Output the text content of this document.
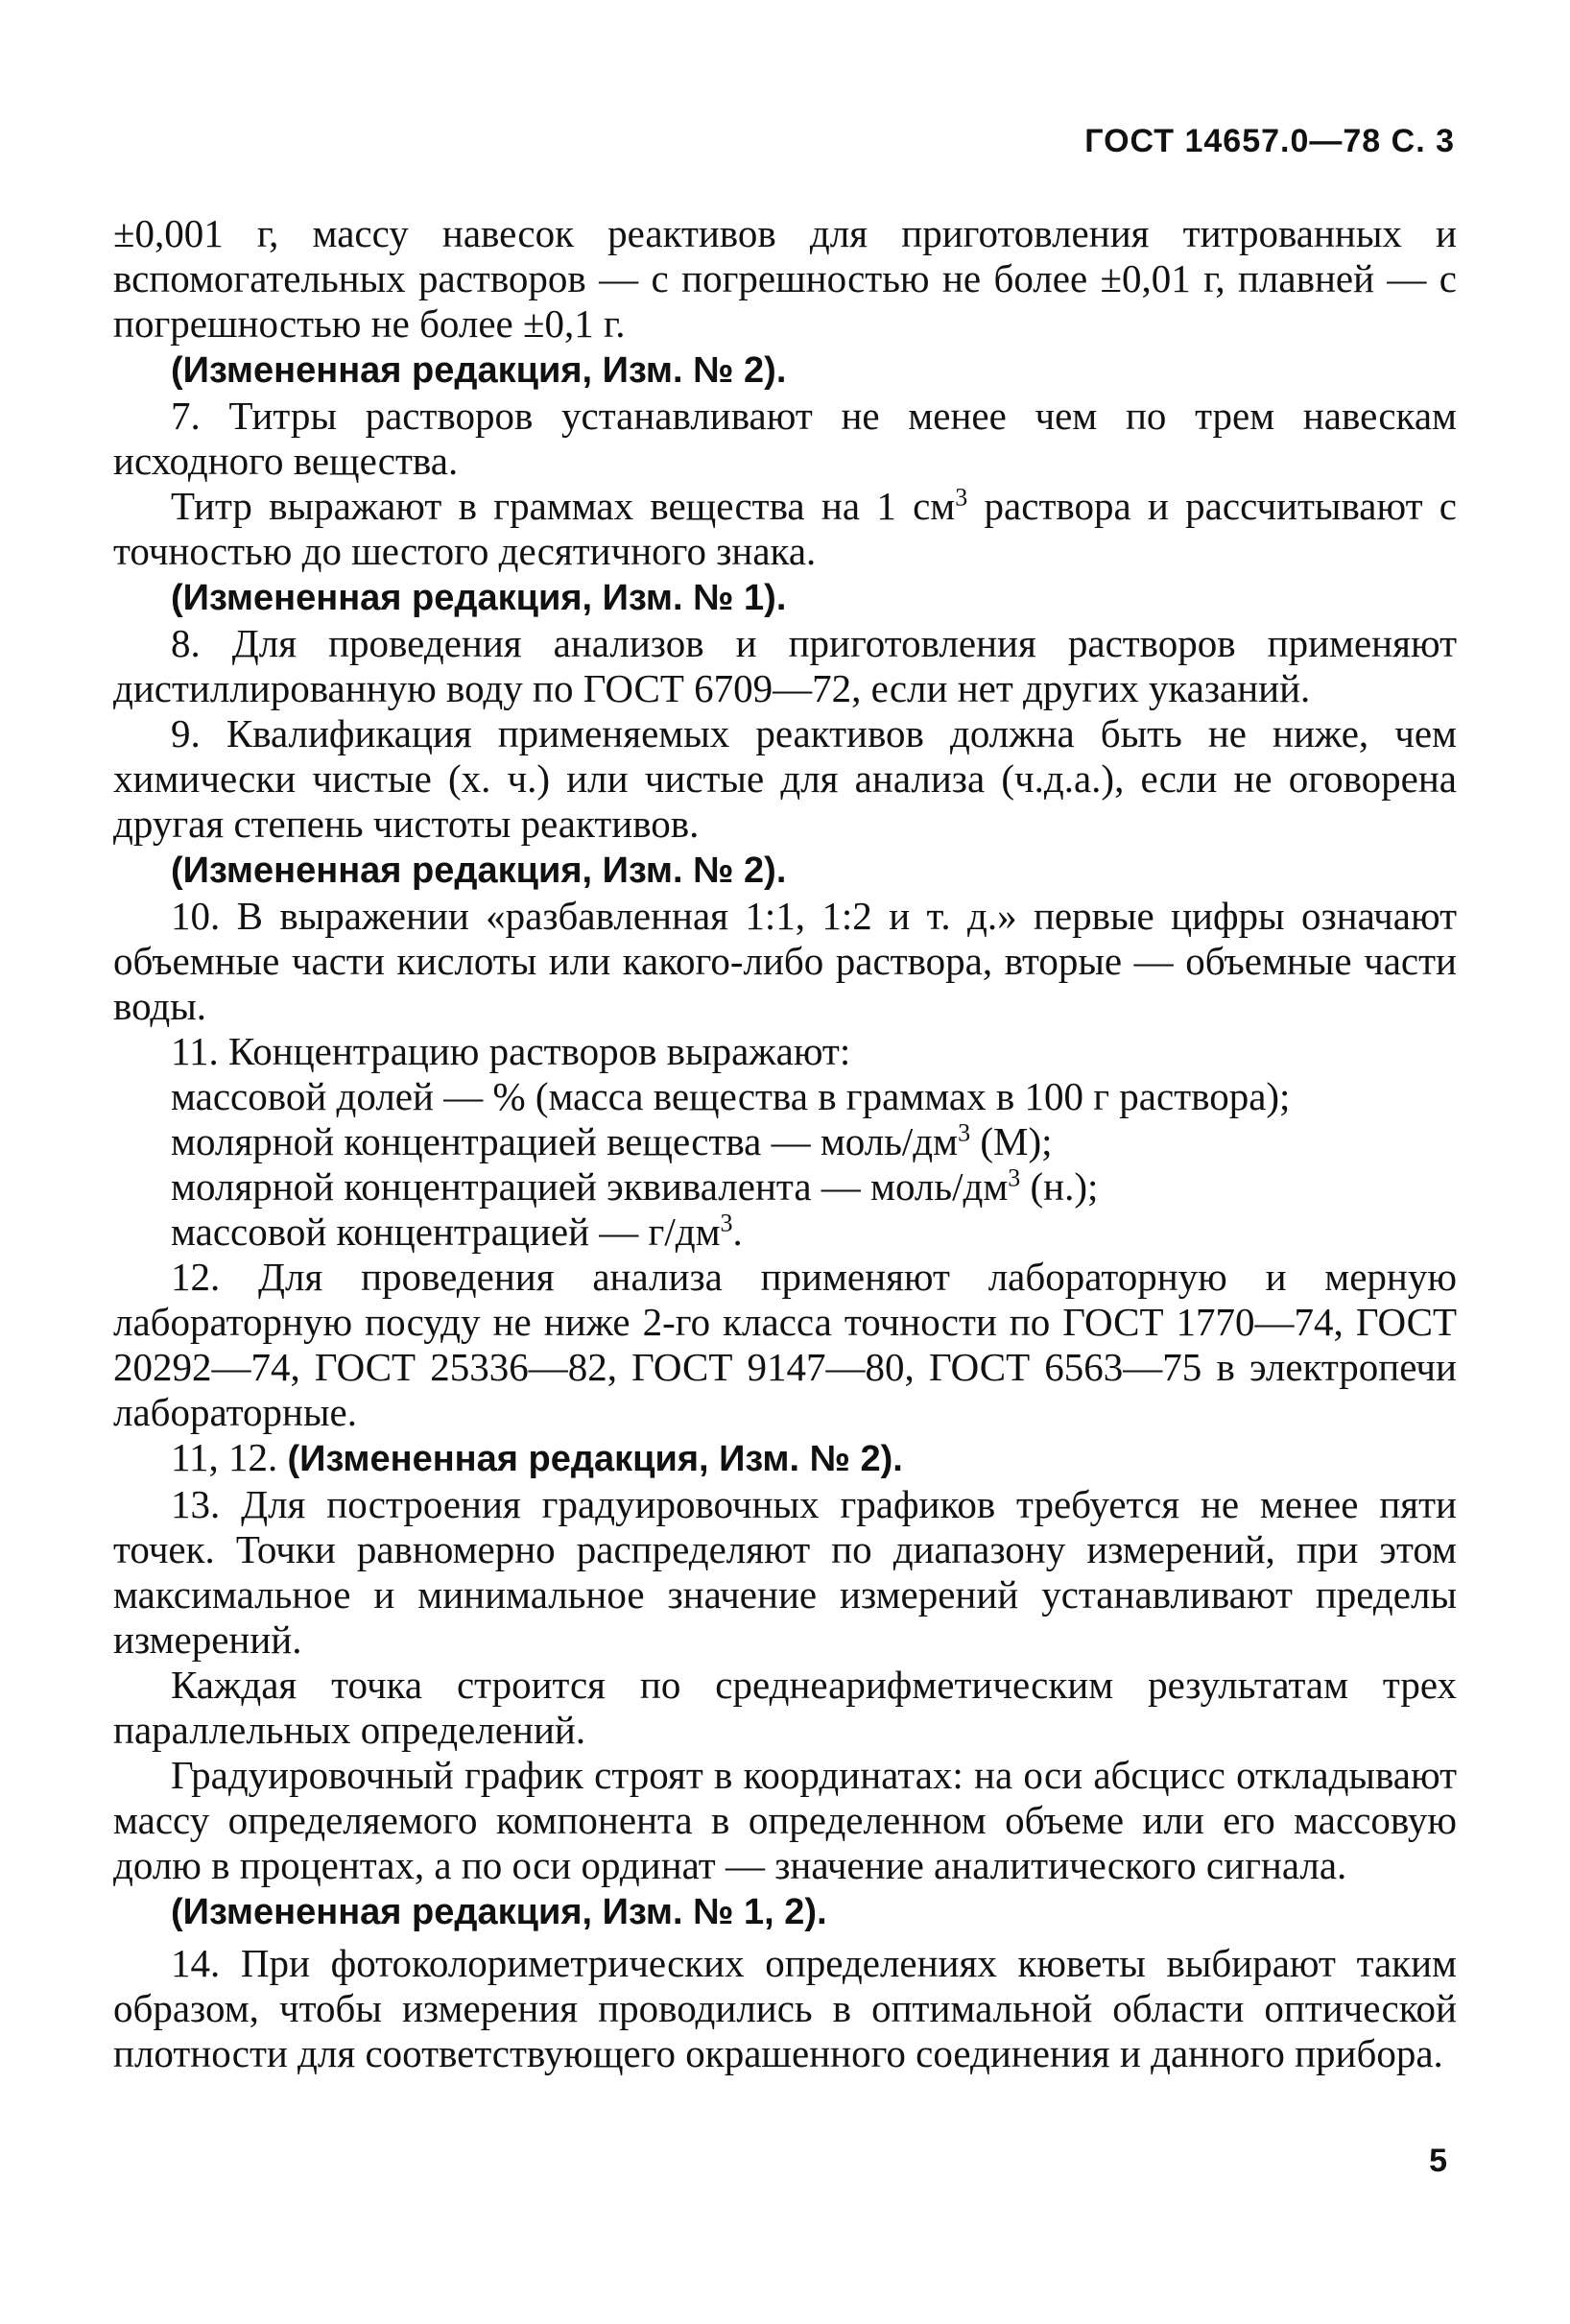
ГОСТ 14657.0—78 С. 3

±0,001 г, массу навесок реактивов для приготовления титрованных и вспомогательных растворов — с погрешностью не более ±0,01 г, плавней — с погрешностью не более ±0,1 г.

(Измененная редакция, Изм. № 2).

7. Титры растворов устанавливают не менее чем по трем навескам исходного вещества.

Титр выражают в граммах вещества на 1 $см^3$ раствора и рассчитывают с точностью до шестого десятичного знака.

(Измененная редакция, Изм. № 1).

8. Для проведения анализов и приготовления растворов применяют дистиллированную воду по ГОСТ 6709—72, если нет других указаний.

9. Квалификация применяемых реактивов должна быть не ниже, чем химически чистые (х. ч.) или чистые для анализа (ч.д.а.), если не оговорена другая степень чистоты реактивов.

(Измененная редакция, Изм. № 2).

10. В выражении «разбавленная 1:1, 1:2 и т. д.» первые цифры означают объемные части кислоты или какого-либо раствора, вторые — объемные части воды.

11. Концентрацию растворов выражают:

массовой долей — % (масса вещества в граммах в 100 г раствора);

молярной концентрацией вещества — моль/$дм^3$ (М);

молярной концентрацией эквивалента — моль/$дм^3$ (н.);

массовой концентрацией — $г/дм^3$.

12. Для проведения анализа применяют лабораторную и мерную лабораторную посуду не ниже 2-го класса точности по ГОСТ 1770—74, ГОСТ 20292—74, ГОСТ 25336—82, ГОСТ 9147—80, ГОСТ 6563—75 в электропечи лабораторные.

11, 12. (Измененная редакция, Изм. № 2).

13. Для построения градуировочных графиков требуется не менее пяти точек. Точки равномерно распределяют по диапазону измерений, при этом максимальное и минимальное значение измерений устанавливают пределы измерений.

Каждая точка строится по среднеарифметическим результатам трех параллельных определений.

Градуировочный график строят в координатах: на оси абсцисс откладывают массу определяемого компонента в определенном объеме или его массовую долю в процентах, а по оси ординат — значение аналитического сигнала.

(Измененная редакция, Изм. № 1, 2).

14. При фотоколориметрических определениях кюветы выбирают таким образом, чтобы измерения проводились в оптимальной области оптической плотности для соответствующего окрашенного соединения и данного прибора.

5
